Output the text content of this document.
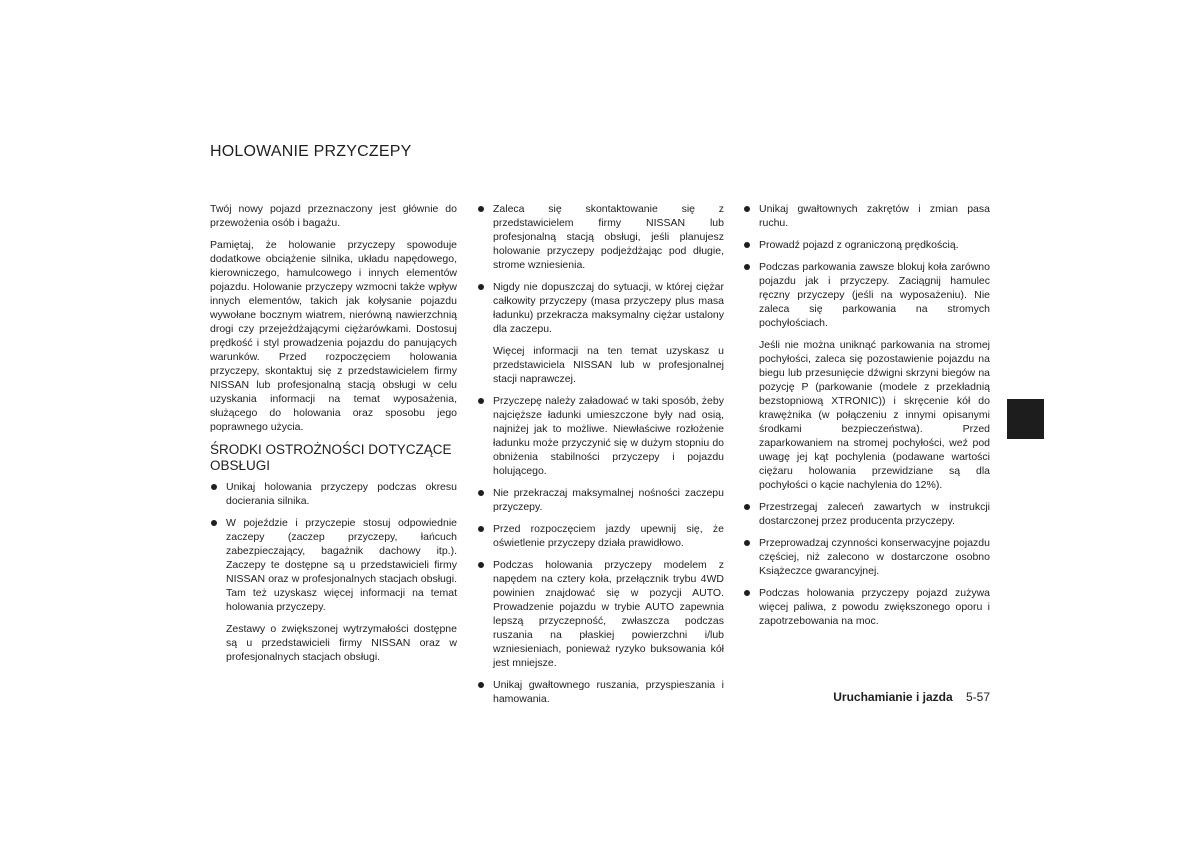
HOLOWANIE PRZYCZEPY

Twój nowy pojazd przeznaczony jest głównie do przewożenia osób i bagażu.

Pamiętaj, że holowanie przyczepy spowoduje dodatkowe obciążenie silnika, układu napędowego, kierowniczego, hamulcowego i innych elementów pojazdu. Holowanie przyczepy wzmocni także wpływ innych elementów, takich jak kołysanie pojazdu wywołane bocznym wiatrem, nierówną nawierzchnią drogi czy przejeżdżającymi ciężarówkami. Dostosuj prędkość i styl prowadzenia pojazdu do panujących warunków. Przed rozpoczęciem holowania przyczepy, skontaktuj się z przedstawicielem firmy NISSAN lub profesjonalną stacją obsługi w celu uzyskania informacji na temat wyposażenia, służącego do holowania oraz sposobu jego poprawnego użycia.

ŚRODKI OSTROŻNOŚCI DOTYCZĄCE OBSŁUGI
Unikaj holowania przyczepy podczas okresu docierania silnika.
W pojeździe i przyczepie stosuj odpowiednie zaczepy (zaczep przyczepy, łańcuch zabezpieczający, bagażnik dachowy itp.). Zaczepy te dostępne są u przedstawicieli firmy NISSAN oraz w profesjonalnych stacjach obsługi. Tam też uzyskasz więcej informacji na temat holowania przyczepy.
Zestawy o zwiększonej wytrzymałości dostępne są u przedstawicieli firmy NISSAN oraz w profesjonalnych stacjach obsługi.
Zaleca się skontaktowanie się z przedstawicielem firmy NISSAN lub profesjonalną stacją obsługi, jeśli planujesz holowanie przyczepy podjeżdżając pod długie, strome wzniesienia.
Nigdy nie dopuszczaj do sytuacji, w której ciężar całkowity przyczepy (masa przyczepy plus masa ładunku) przekracza maksymalny ciężar ustalony dla zaczepu.
Więcej informacji na ten temat uzyskasz u przedstawiciela NISSAN lub w profesjonalnej stacji naprawczej.
Przyczepę należy załadować w taki sposób, żeby najcięższe ładunki umieszczone były nad osią, najniżej jak to możliwe. Niewłaściwe rozłożenie ładunku może przyczynić się w dużym stopniu do obniżenia stabilności przyczepy i pojazdu holującego.
Nie przekraczaj maksymalnej nośności zaczepu przyczepy.
Przed rozpoczęciem jazdy upewnij się, że oświetlenie przyczepy działa prawidłowo.
Podczas holowania przyczepy modelem z napędem na cztery koła, przełącznik trybu 4WD powinien znajdować się w pozycji AUTO. Prowadzenie pojazdu w trybie AUTO zapewnia lepszą przyczepność, zwłaszcza podczas ruszania na płaskiej powierzchni i/lub wzniesieniach, ponieważ ryzyko buksowania kół jest mniejsze.
Unikaj gwałtownego ruszania, przyspieszania i hamowania.
Unikaj gwałtownych zakrętów i zmian pasa ruchu.
Prowadź pojazd z ograniczoną prędkością.
Podczas parkowania zawsze blokuj koła zarówno pojazdu jak i przyczepy. Zaciągnij hamulec ręczny przyczepy (jeśli na wyposażeniu). Nie zaleca się parkowania na stromych pochyłościach.
Jeśli nie można uniknąć parkowania na stromej pochyłości, zaleca się pozostawienie pojazdu na biegu lub przesunięcie dźwigni skrzyni biegów na pozycję P (parkowanie (modele z przekładnią bezstopniową XTRONIC)) i skręcenie kół do krawężnika (w połączeniu z innymi opisanymi środkami bezpieczeństwa). Przed zaparkowaniem na stromej pochyłości, weź pod uwagę jej kąt pochylenia (podawane wartości ciężaru holowania przewidziane są dla pochyłości o kącie nachylenia do 12%).
Przestrzegaj zaleceń zawartych w instrukcji dostarczonej przez producenta przyczepy.
Przeprowadzaj czynności konserwacyjne pojazdu częściej, niż zalecono w dostarczone osobno Książeczce gwarancyjnej.
Podczas holowania przyczepy pojazd zużywa więcej paliwa, z powodu zwiększonego oporu i zapotrzebowania na moc.
Uruchamianie i jazda 5-57
